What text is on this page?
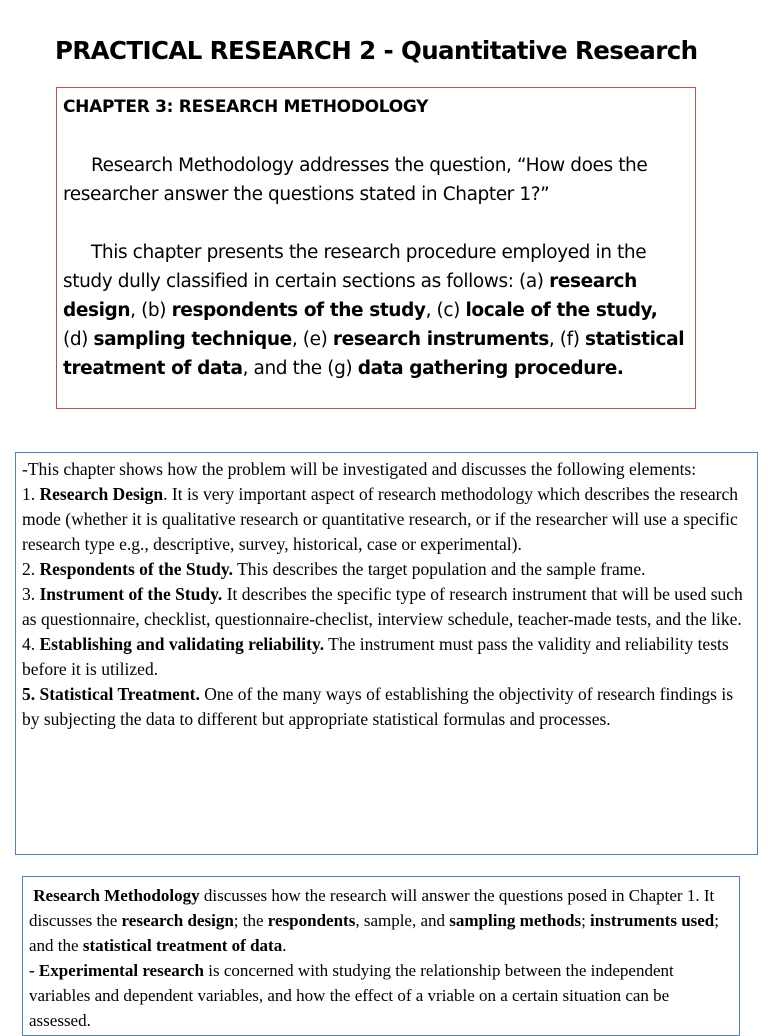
PRACTICAL RESEARCH 2 - Quantitative Research

CHAPTER 3: RESEARCH METHODOLOGY

Research Methodology addresses the question, “How does the researcher answer the questions stated in Chapter 1?”

This chapter presents the research procedure employed in the study dully classified in certain sections as follows: (a) research design, (b) respondents of the study, (c) locale of the study, (d) sampling technique, (e) research instruments, (f) statistical treatment of data, and the (g) data gathering procedure.

-This chapter shows how the problem will be investigated and discusses the following elements:

1. Research Design. It is very important aspect of research methodology which describes the research mode (whether it is qualitative research or quantitative research, or if the researcher will use a specific research type e.g., descriptive, survey, historical, case or experimental).

2. Respondents of the Study. This describes the target population and the sample frame.

3. Instrument of the Study. It describes the specific type of research instrument that will be used such as questionnaire, checklist, questionnaire-checlist, interview schedule, teacher-made tests, and the like.

4. Establishing and validating reliability. The instrument must pass the validity and reliability tests before it is utilized.

5. Statistical Treatment. One of the many ways of establishing the objectivity of research findings is by subjecting the data to different but appropriate statistical formulas and processes.

Research Methodology discusses how the research will answer the questions posed in Chapter 1. It discusses the research design; the respondents, sample, and sampling methods; instruments used; and the statistical treatment of data.

- Experimental research is concerned with studying the relationship between the independent variables and dependent variables, and how the effect of a vriable on a certain situation can be assessed.
